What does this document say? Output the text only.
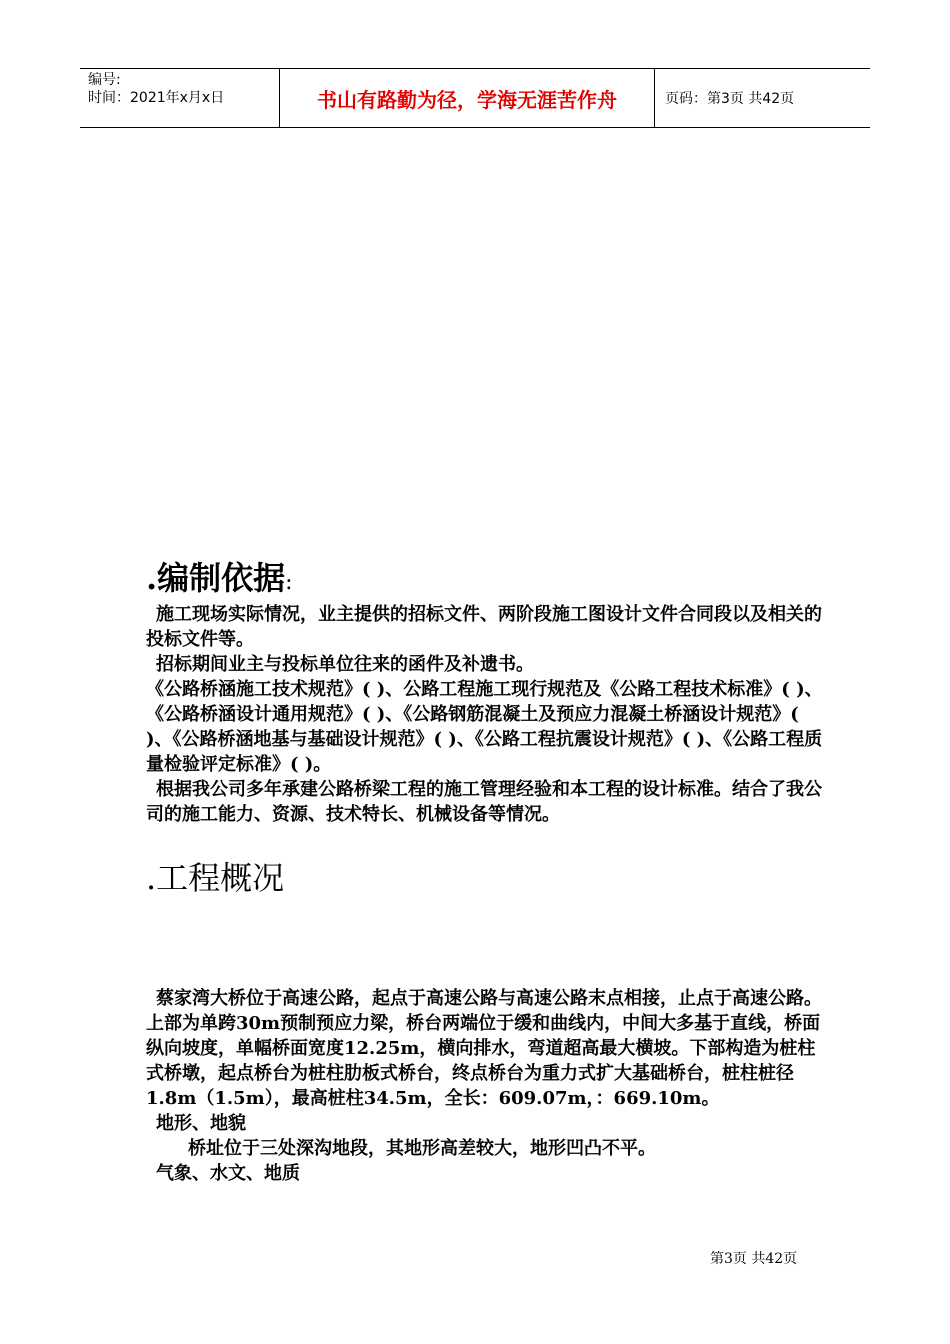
编号:
时间：2021年x月x日	书山有路勤为径，学海无涯苦作舟	页码：第3页 共42页
.编制依据:

施工现场实际情况，业主提供的招标文件、两阶段施工图设计文件合同段以及相关的投标文件等。

招标期间业主与投标单位往来的函件及补遗书。

《公路桥涵施工技术规范》( )、公路工程施工现行规范及《公路工程技术标准》( )、《公路桥涵设计通用规范》( )、《公路钢筋混凝土及预应力混凝土桥涵设计规范》( )、《公路桥涵地基与基础设计规范》( )、《公路工程抗震设计规范》( )、《公路工程质量检验评定标准》( )。

根据我公司多年承建公路桥梁工程的施工管理经验和本工程的设计标准。结合了我公司的施工能力、资源、技术特长、机械设备等情况。

.工程概况

蔡家湾大桥位于高速公路，起点于高速公路与高速公路末点相接，止点于高速公路。上部为单跨30m预制预应力梁，桥台两端位于缓和曲线内，中间大多基于直线，桥面纵向坡度，单幅桥面宽度12.25m，横向排水，弯道超高最大横坡。下部构造为桩柱式桥墩，起点桥台为桩柱肋板式桥台，终点桥台为重力式扩大基础桥台，桩柱桩径1.8m（1.5m），最高桩柱34.5m，全长：609.07m，：669.10m。

地形、地貌

桥址位于三处深沟地段，其地形高差较大，地形凹凸不平。

气象、水文、地质

第3页 共42页
